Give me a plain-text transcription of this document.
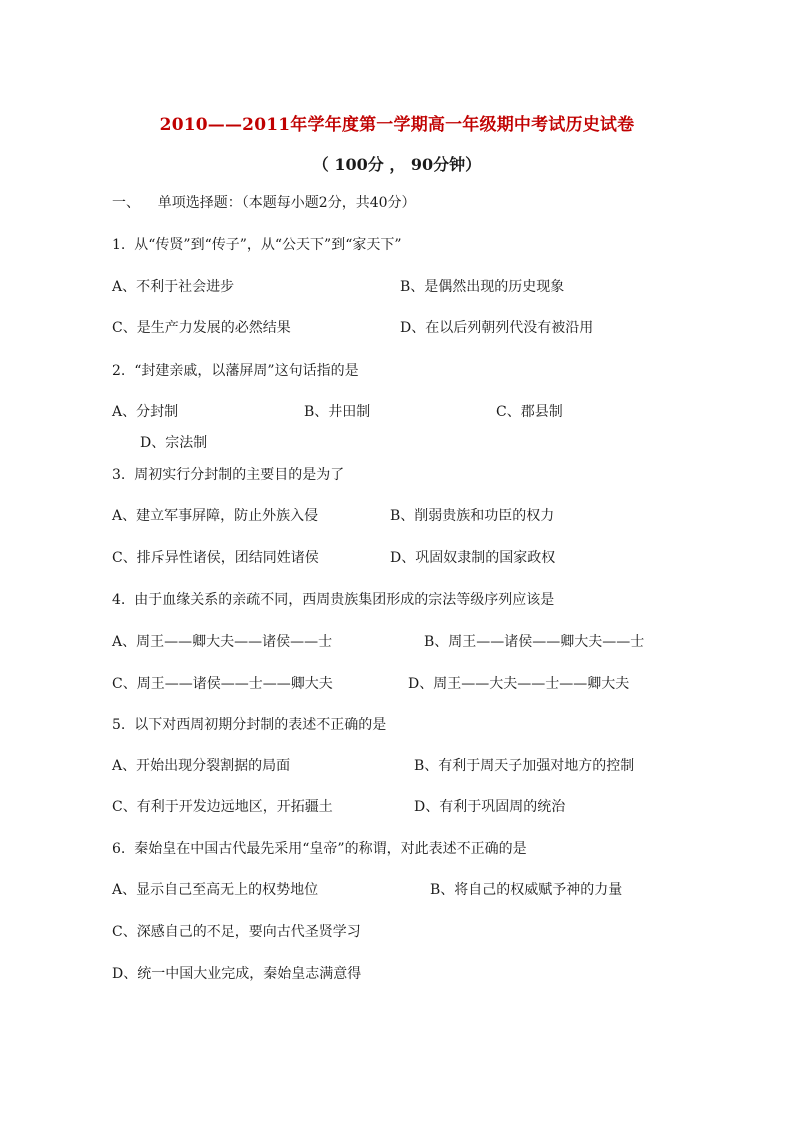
2010——2011年学年度第一学期高一年级期中考试历史试卷
（ 100分 ， 90分钟）
一、    单项选择题：（本题每小题2分，共40分）
1.  从“传贤”到“传子”，从“公天下”到“家天下”
A、不利于社会进步	B、是偶然出现的历史现象
C、是生产力发展的必然结果	D、在以后列朝列代没有被沿用
2.  “封建亲戚，以藩屏周”这句话指的是
A、分封制	B、井田制	C、郡县制
D、宗法制
3.  周初实行分封制的主要目的是为了
A、建立军事屏障，防止外族入侵	B、削弱贵族和功臣的权力
C、排斥异性诸侯，团结同姓诸侯	D、巩固奴隶制的国家政权
4.  由于血缘关系的亲疏不同，西周贵族集团形成的宗法等级序列应该是
A、周王——卿大夫——诸侯——士	B、周王——诸侯——卿大夫——士
C、周王——诸侯——士——卿大夫	D、周王——大夫——士——卿大夫
5.  以下对西周初期分封制的表述不正确的是
A、开始出现分裂割据的局面	B、有利于周天子加强对地方的控制
C、有利于开发边远地区，开拓疆土	D、有利于巩固周的统治
6.  秦始皇在中国古代最先采用“皇帝”的称谓，对此表述不正确的是
A、显示自己至高无上的权势地位	B、将自己的权威赋予神的力量
C、深感自己的不足，要向古代圣贤学习
D、统一中国大业完成，秦始皇志满意得
